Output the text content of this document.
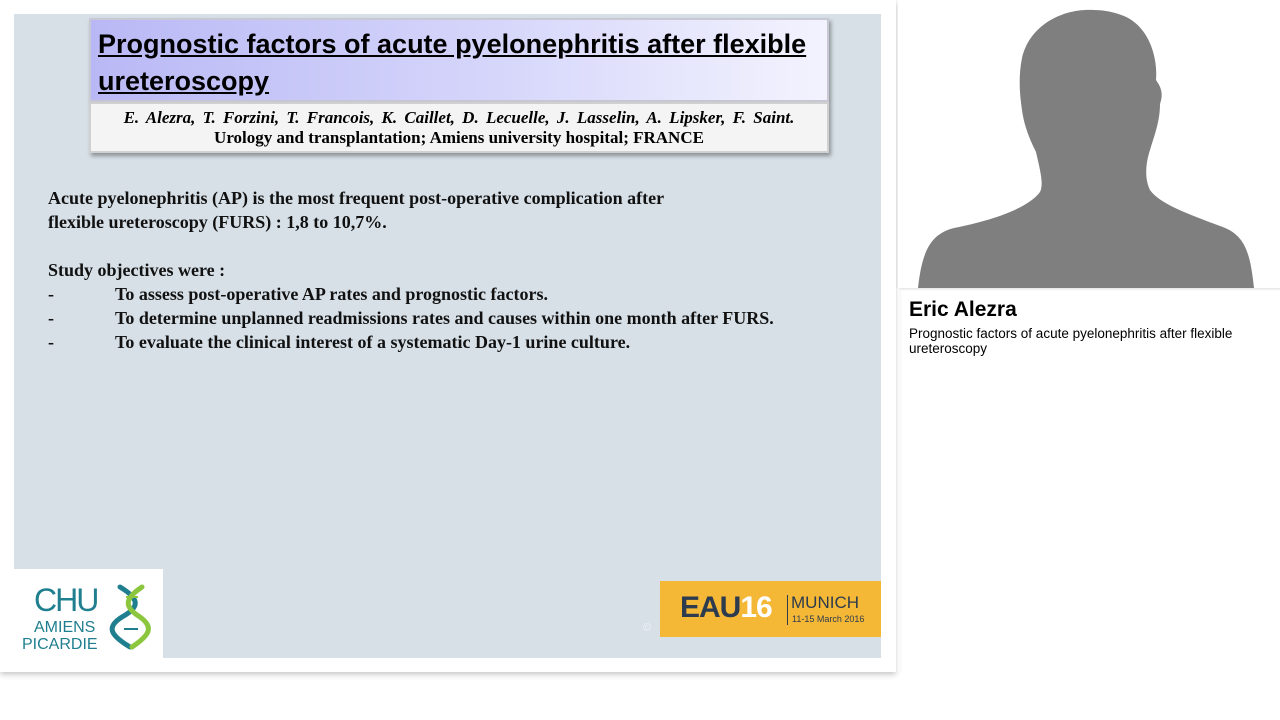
Prognostic factors of acute pyelonephritis after flexible ureteroscopy
E. Alezra, T. Forzini, T. Francois, K. Caillet, D. Lecuelle, J. Lasselin, A. Lipsker, F. Saint.
Urology and transplantation; Amiens university hospital; FRANCE
Acute pyelonephritis (AP) is the most frequent post-operative complication after
flexible ureteroscopy (FURS) : 1,8 to 10,7%.
Study objectives were :
-	To assess post-operative AP rates and prognostic factors.
-	To determine unplanned readmissions rates and causes within one month after FURS.
-	To evaluate the clinical interest of a systematic Day-1 urine culture.
CHU
AMIENS
PICARDIE
EAU16 MUNICH
11-15 March 2016
©
Eric Alezra
Prognostic factors of acute pyelonephritis after flexible ureteroscopy
